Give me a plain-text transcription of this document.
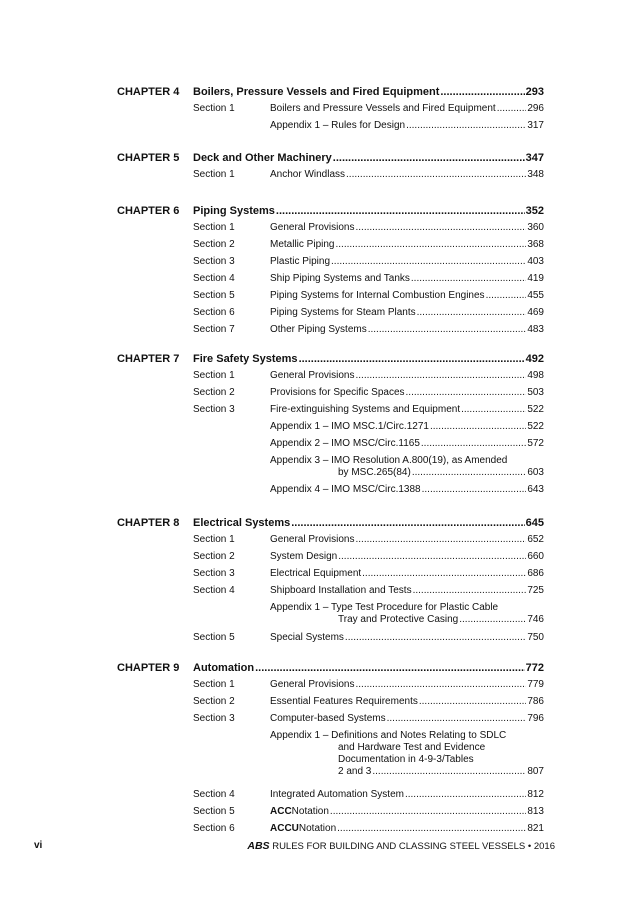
CHAPTER 4 Boilers, Pressure Vessels and Fired Equipment .....	293
Section 1	Boilers and Pressure Vessels and Fired Equipment .....	296
Appendix 1 – Rules for Design .....	317
CHAPTER 5 Deck and Other Machinery .....	347
Section 1	Anchor Windlass .....	348
CHAPTER 6 Piping Systems .....	352
Section 1	General Provisions .....	360
Section 2	Metallic Piping .....	368
Section 3	Plastic Piping .....	403
Section 4	Ship Piping Systems and Tanks .....	419
Section 5	Piping Systems for Internal Combustion Engines .....	455
Section 6	Piping Systems for Steam Plants .....	469
Section 7	Other Piping Systems .....	483
CHAPTER 7 Fire Safety Systems .....	492
Section 1	General Provisions .....	498
Section 2	Provisions for Specific Spaces .....	503
Section 3	Fire-extinguishing Systems and Equipment .....	522
Appendix 1 – IMO MSC.1/Circ.1271 .....	522
Appendix 2 – IMO MSC/Circ.1165 .....	572
Appendix 3 – IMO Resolution A.800(19), as Amended
by MSC.265(84) .....	603
Appendix 4 – IMO MSC/Circ.1388 .....	643
CHAPTER 8 Electrical Systems .....	645
Section 1	General Provisions .....	652
Section 2	System Design .....	660
Section 3	Electrical Equipment .....	686
Section 4	Shipboard Installation and Tests .....	725
Appendix 1 – Type Test Procedure for Plastic Cable
Tray and Protective Casing .....	746
Section 5	Special Systems .....	750
CHAPTER 9 Automation .....	772
Section 1	General Provisions .....	779
Section 2	Essential Features Requirements .....	786
Section 3	Computer-based Systems .....	796
Appendix 1 – Definitions and Notes Relating to SDLC
and Hardware Test and Evidence
Documentation in 4-9-3/Tables
2 and 3 .....	807
Section 4	Integrated Automation System .....	812
Section 5	ACC Notation .....	813
Section 6	ACCU Notation .....	821
vi	ABS RULES FOR BUILDING AND CLASSING STEEL VESSELS • 2016
